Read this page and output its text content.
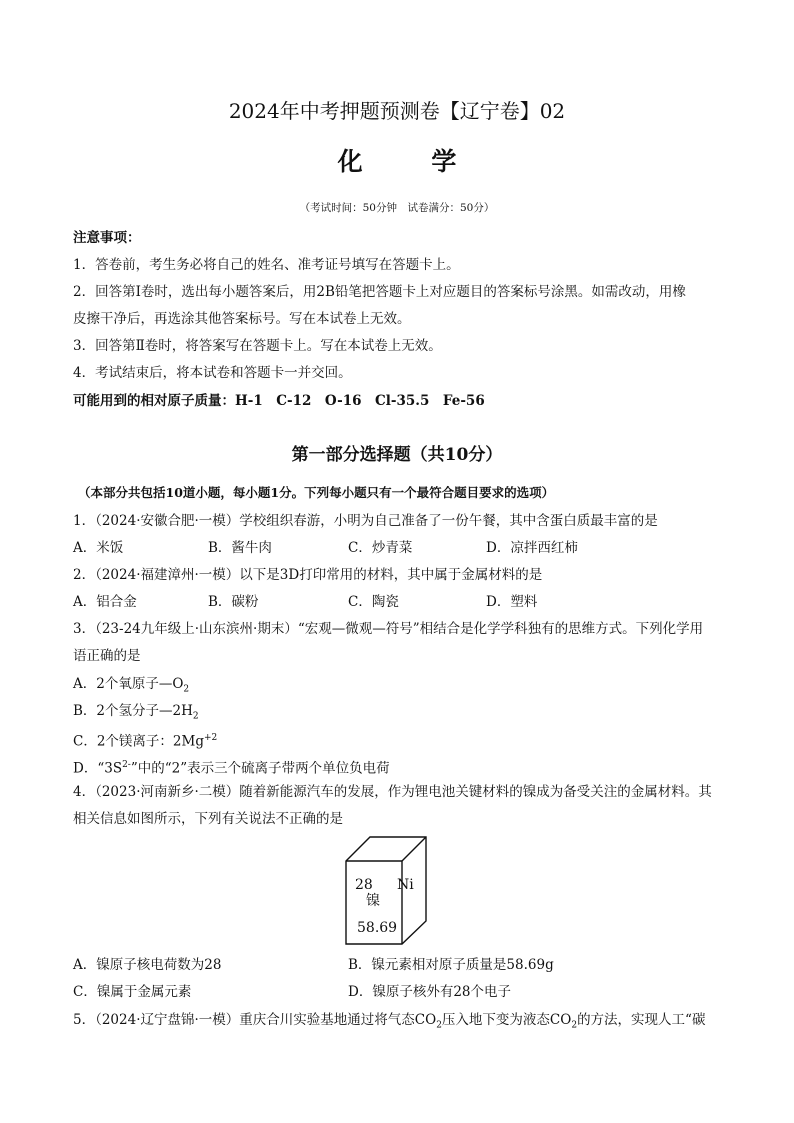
2024年中考押题预测卷【辽宁卷】02
化 学
（考试时间：50分钟　试卷满分：50分）
注意事项：
1．答卷前，考生务必将自己的姓名、准考证号填写在答题卡上。
2．回答第Ⅰ卷时，选出每小题答案后，用2B铅笔把答题卡上对应题目的答案标号涂黑。如需改动，用橡
皮擦干净后，再选涂其他答案标号。写在本试卷上无效。
3．回答第Ⅱ卷时，将答案写在答题卡上。写在本试卷上无效。
4．考试结束后，将本试卷和答题卡一并交回。
可能用到的相对原子质量：H-1　C-12　O-16　Cl-35.5　Fe-56
第一部分选择题（共10分）
（本部分共包括10道小题，每小题1分。下列每小题只有一个最符合题目要求的选项）
1．（2024·安徽合肥·一模）学校组织春游，小明为自己准备了一份午餐，其中含蛋白质最丰富的是
A．米饭	B．酱牛肉	C．炒青菜	D．凉拌西红柿
2．（2024·福建漳州·一模）以下是3D打印常用的材料，其中属于金属材料的是
A．铝合金	B．碳粉	C．陶瓷	D．塑料
3．（23-24九年级上·山东滨州·期末）“宏观—微观—符号”相结合是化学学科独有的思维方式。下列化学用
语正确的是
A．2个氧原子$—O_2$
B．2个氢分子$—2H_2$
C．2个镁离子：$2Mg^{+2}$
D．“$3S^{2-}$”中的“2”表示三个硫离子带两个单位负电荷
4．（2023·河南新乡·二模）随着新能源汽车的发展，作为锂电池关键材料的镍成为备受关注的金属材料。其
相关信息如图所示，下列有关说法不正确的是
28 Ni
镍
58.69
A．镍原子核电荷数为28	B．镍元素相对原子质量是58.69g
C．镍属于金属元素	D．镍原子核外有28个电子
5．（2024·辽宁盘锦·一模）重庆合川实验基地通过将气态$CO_2$压入地下变为液态$CO_2$的方法，实现人工“碳
